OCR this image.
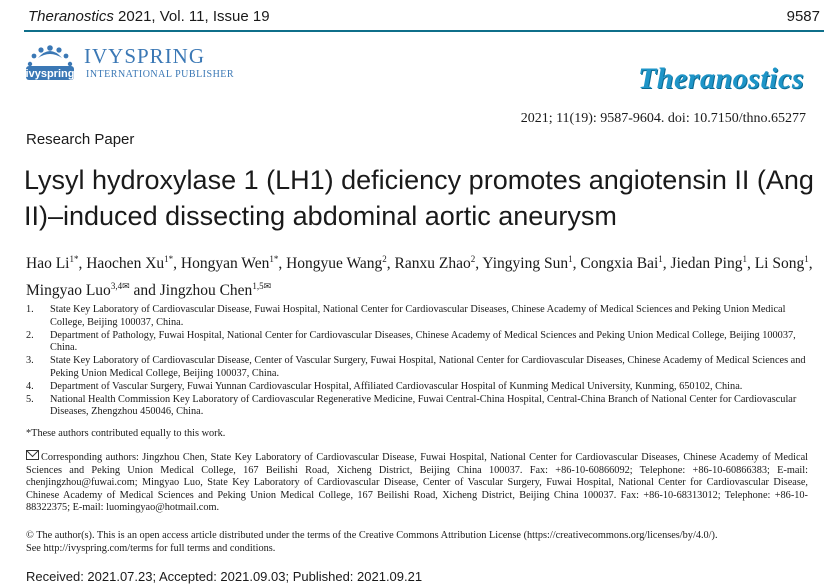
Theranostics 2021, Vol. 11, Issue 19	9587
ivyspring
IVYSPRING
INTERNATIONAL PUBLISHER	Theranostics
2021; 11(19): 9587-9604. doi: 10.7150/thno.65277
Research Paper
Lysyl hydroxylase 1 (LH1) deficiency promotes angiotensin II (Ang II)–induced dissecting abdominal aortic aneurysm
Hao $Li^{1*}$, Haochen $Xu^{1*}$, Hongyan Wen$^{1*}$, Hongyue Wang$^2$, Ranxu Zhao$^2$, Yingying Sun$^1$, Congxia Bai$^1$, Jiedan Ping$^1$, Li Song$^1$, Mingyao Luo$^{3,4✉}$ and Jingzhou Chen$^{1,5✉}$
1. State Key Laboratory of Cardiovascular Disease, Fuwai Hospital, National Center for Cardiovascular Diseases, Chinese Academy of Medical Sciences and Peking Union Medical College, Beijing 100037, China.
2. Department of Pathology, Fuwai Hospital, National Center for Cardiovascular Diseases, Chinese Academy of Medical Sciences and Peking Union Medical College, Beijing 100037, China.
3. State Key Laboratory of Cardiovascular Disease, Center of Vascular Surgery, Fuwai Hospital, National Center for Cardiovascular Diseases, Chinese Academy of Medical Sciences and Peking Union Medical College, Beijing 100037, China.
4. Department of Vascular Surgery, Fuwai Yunnan Cardiovascular Hospital, Affiliated Cardiovascular Hospital of Kunming Medical University, Kunming, 650102, China.
5. National Health Commission Key Laboratory of Cardiovascular Regenerative Medicine, Fuwai Central-China Hospital, Central-China Branch of National Center for Cardiovascular Diseases, Zhengzhou 450046, China.
*These authors contributed equally to this work.
Corresponding authors: Jingzhou Chen, State Key Laboratory of Cardiovascular Disease, Fuwai Hospital, National Center for Cardiovascular Diseases, Chinese Academy of Medical Sciences and Peking Union Medical College, 167 Beilishi Road, Xicheng District, Beijing China 100037. Fax: +86-10-60866092; Telephone: +86-10-60866383; E-mail: chenjingzhou@fuwai.com; Mingyao Luo, State Key Laboratory of Cardiovascular Disease, Center of Vascular Surgery, Fuwai Hospital, National Center for Cardiovascular Disease, Chinese Academy of Medical Sciences and Peking Union Medical College, 167 Beilishi Road, Xicheng District, Beijing China 100037. Fax: +86-10-68313012; Telephone: +86-10-88322375; E-mail: luomingyao@hotmail.com.
© The author(s). This is an open access article distributed under the terms of the Creative Commons Attribution License (https://creativecommons.org/licenses/by/4.0/).
See http://ivyspring.com/terms for full terms and conditions.
Received: 2021.07.23; Accepted: 2021.09.03; Published: 2021.09.21
